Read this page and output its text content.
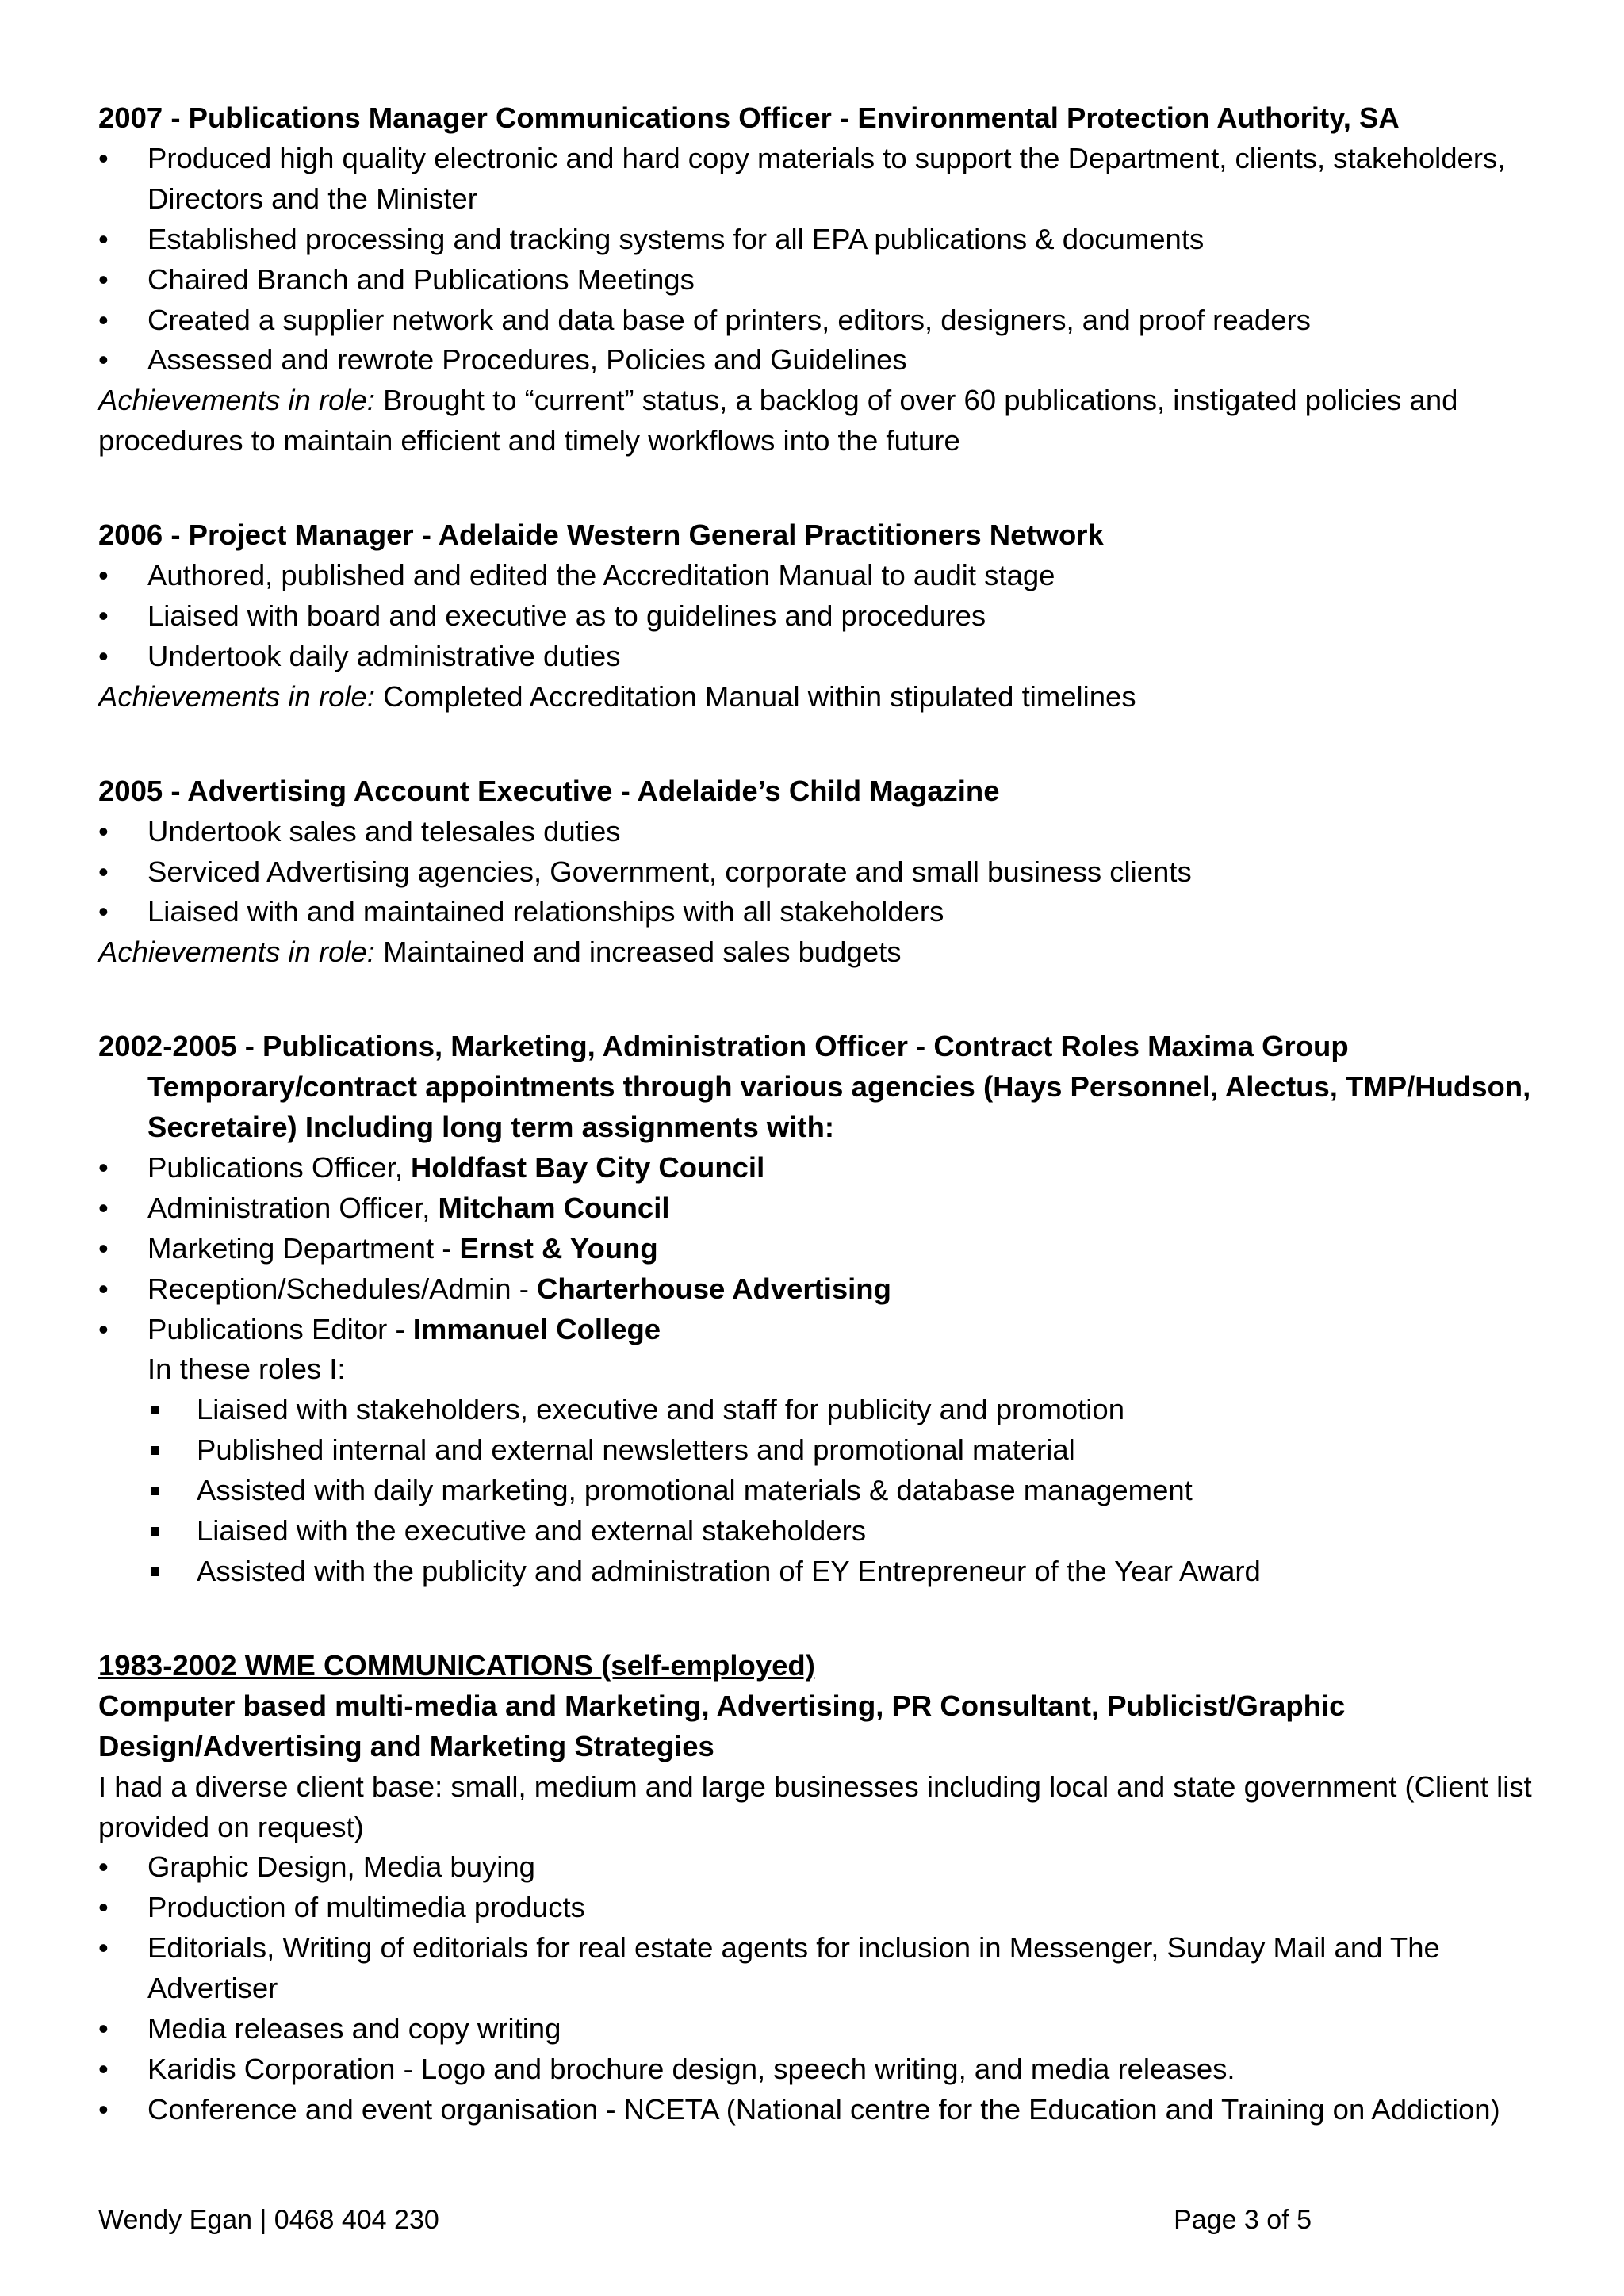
2007 - Publications Manager Communications Officer - Environmental Protection Authority, SA
• Produced high quality electronic and hard copy materials to support the Department, clients, stakeholders, Directors and the Minister
• Established processing and tracking systems for all EPA publications & documents
• Chaired Branch and Publications Meetings
• Created a supplier network and data base of printers, editors, designers, and proof readers
• Assessed and rewrote Procedures, Policies and Guidelines
Achievements in role: Brought to “current” status, a backlog of over 60 publications, instigated policies and procedures to maintain efficient and timely workflows into the future
2006 - Project Manager - Adelaide Western General Practitioners Network
• Authored, published and edited the Accreditation Manual to audit stage
• Liaised with board and executive as to guidelines and procedures
• Undertook daily administrative duties
Achievements in role: Completed Accreditation Manual within stipulated timelines
2005 - Advertising Account Executive - Adelaide’s Child Magazine
• Undertook sales and telesales duties
• Serviced Advertising agencies, Government, corporate and small business clients
• Liaised with and maintained relationships with all stakeholders
Achievements in role: Maintained and increased sales budgets
2002-2005 - Publications, Marketing, Administration Officer - Contract Roles Maxima Group Temporary/contract appointments through various agencies (Hays Personnel, Alectus, TMP/Hudson, Secretaire) Including long term assignments with:
• Publications Officer, Holdfast Bay City Council
• Administration Officer, Mitcham Council
• Marketing Department - Ernst & Young
• Reception/Schedules/Admin - Charterhouse Advertising
• Publications Editor - Immanuel College
In these roles I:
Liaised with stakeholders, executive and staff for publicity and promotion
Published internal and external newsletters and promotional material
Assisted with daily marketing, promotional materials & database management
Liaised with the executive and external stakeholders
Assisted with the publicity and administration of EY Entrepreneur of the Year Award
1983-2002 WME COMMUNICATIONS (self-employed)
Computer based multi-media and Marketing, Advertising, PR Consultant, Publicist/Graphic Design/Advertising and Marketing Strategies
I had a diverse client base: small, medium and large businesses including local and state government (Client list provided on request)
• Graphic Design, Media buying
• Production of multimedia products
• Editorials, Writing of editorials for real estate agents for inclusion in Messenger, Sunday Mail and The Advertiser
• Media releases and copy writing
• Karidis Corporation - Logo and brochure design, speech writing, and media releases.
• Conference and event organisation - NCETA (National centre for the Education and Training on Addiction)
Wendy Egan | 0468 404 230	Page 3 of 5
